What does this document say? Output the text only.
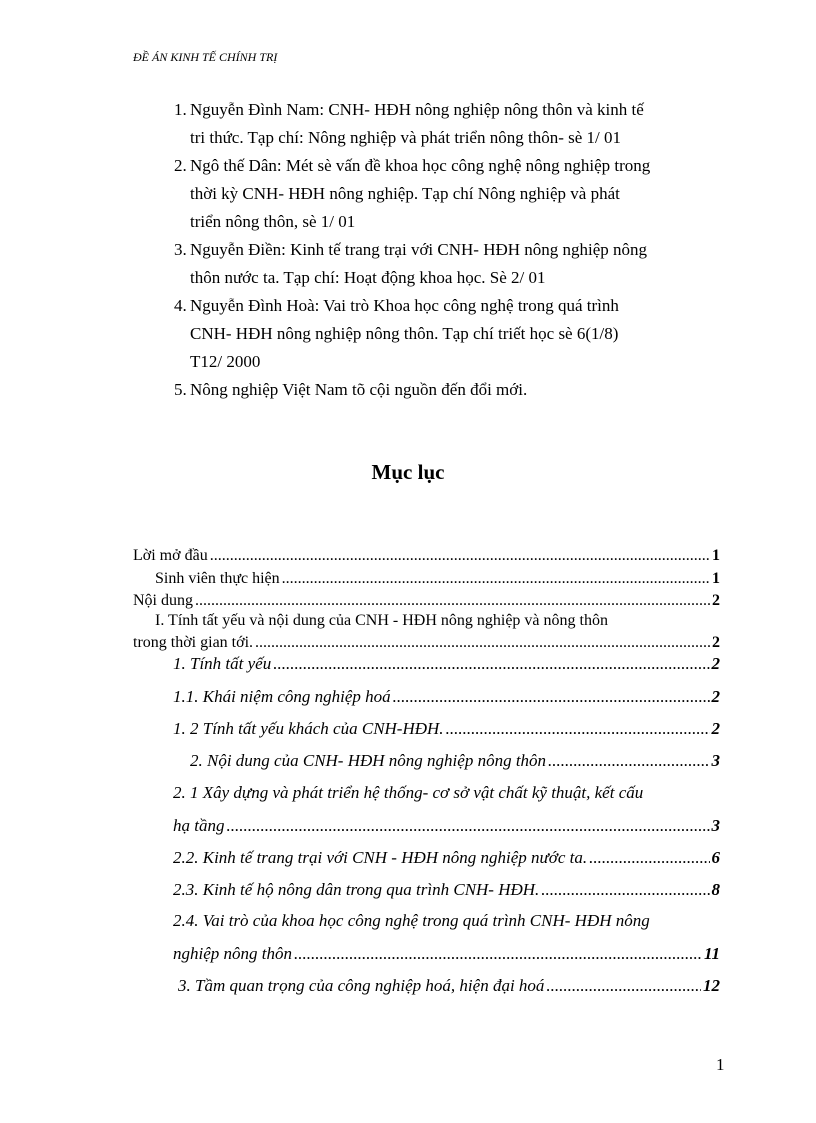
ĐỀ ÁN KINH TẾ CHÍNH TRỊ
1. Nguyễn Đình Nam: CNH- HĐH nông nghiệp nông thôn và kinh tế
tri thức. Tạp chí: Nông nghiệp và phát triển nông thôn- sè 1/ 01
2. Ngô thế Dân: Mét sè vấn đề khoa học công nghệ nông nghiệp trong
thời kỳ CNH- HĐH nông nghiệp. Tạp chí Nông nghiệp và phát
triển nông thôn, sè 1/ 01
3. Nguyễn Điền: Kinh tế trang trại với CNH- HĐH nông nghiệp nông
thôn nước ta. Tạp chí: Hoạt động khoa học. Sè 2/ 01
4. Nguyễn Đình Hoà: Vai trò Khoa học công nghệ trong quá trình
CNH- HĐH nông nghiệp nông thôn. Tạp chí triết học sè 6(1/8)
T12/ 2000
5. Nông nghiệp Việt Nam tõ cội nguồn đến đổi mới.
Mục lục
Lời mở đầu .....	1
Sinh viên thực hiện .....	1
Nội dung .....	2
I. Tính tất yếu và nội dung của CNH - HĐH nông nghiệp và nông thôn
trong thời gian tới. .....	2
1. Tính tất yếu .....	2
1.1. Khái niệm công nghiệp hoá .....	2
1. 2 Tính tất yếu khách của CNH-HĐH. .....	2
2. Nội dung của CNH- HĐH nông nghiệp nông thôn .....	3
2. 1 Xây dựng và phát triển hệ thống- cơ sở vật chất kỹ thuật, kết cấu
hạ tầng .....	3
2.2. Kinh tế trang trại với CNH - HĐH nông nghiệp nước ta. .....	6
2.3. Kinh tế hộ nông dân trong qua trình CNH- HĐH. .....	8
2.4. Vai trò của khoa học công nghệ trong quá trình CNH- HĐH nông
nghiệp nông thôn .....	11
3. Tầm quan trọng của công nghiệp hoá, hiện đại hoá .....	12
1
